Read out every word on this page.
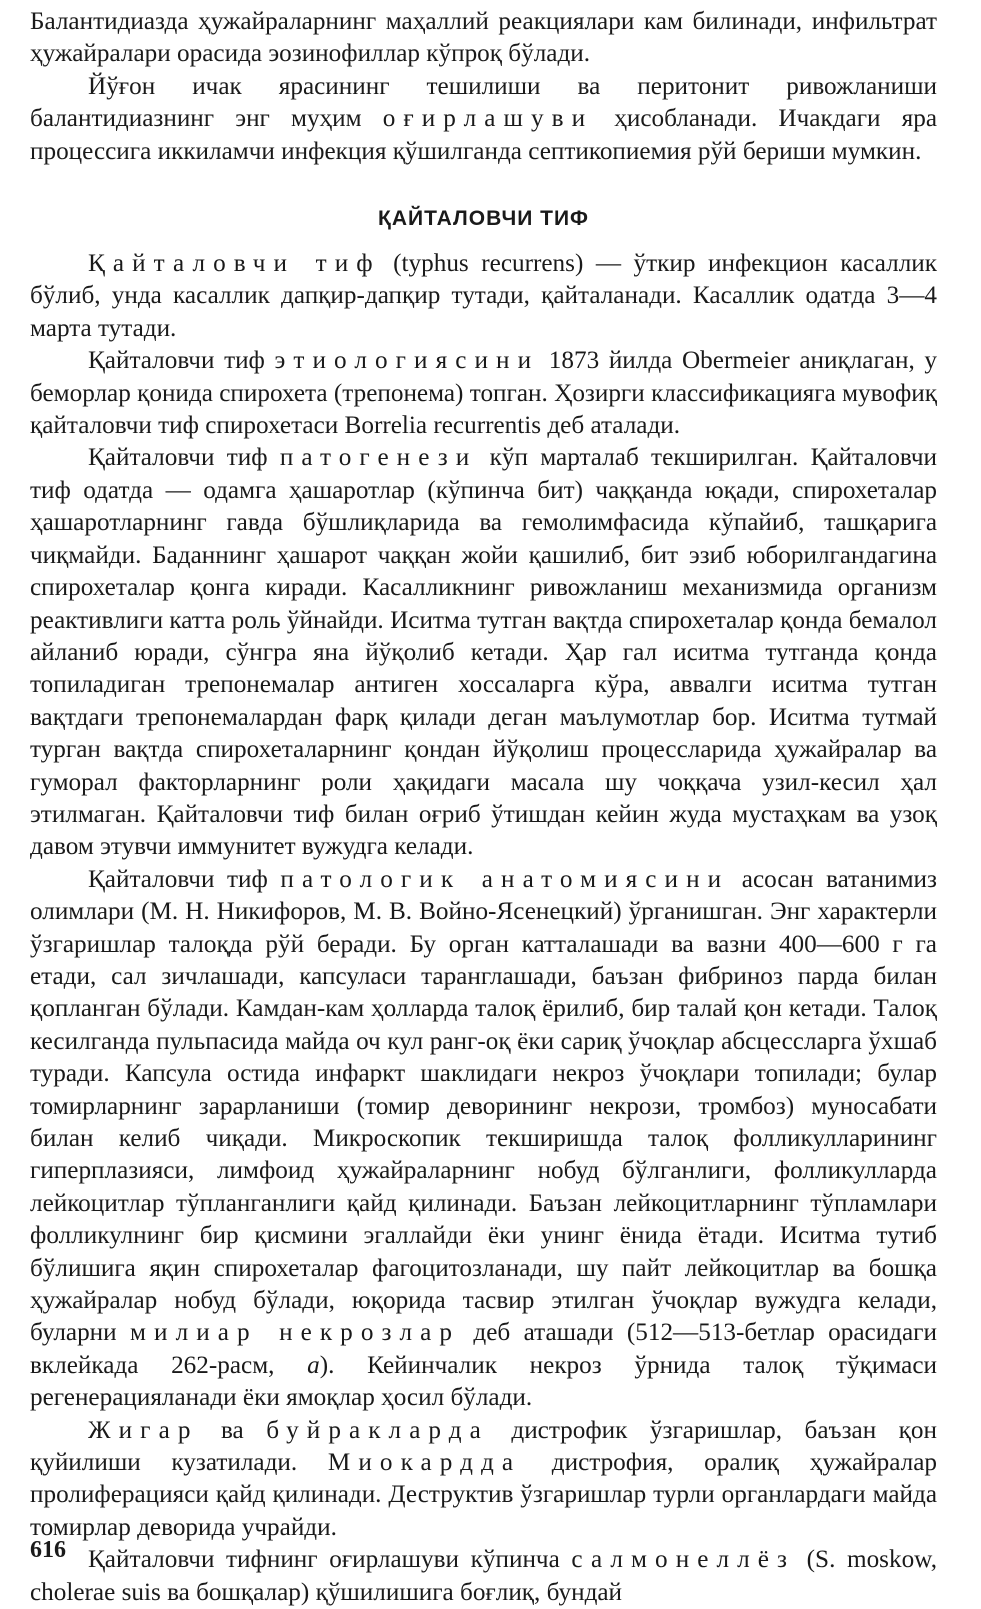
Балантидиазда ҳужайраларнинг маҳаллий реакциялари кам билинади, инфильтрат ҳужайралари орасида эозинофиллар кўпроқ бўлади.

Йўғон ичак ярасининг тешилиши ва перитонит ривожланиши балантидиазнинг энг муҳим оғирлашуви ҳисобланади. Ичакдаги яра процессига иккиламчи инфекция қўшилганда септикопиемия рўй бериши мумкин.

ҚАЙТАЛОВЧИ ТИФ

Қайталовчи тиф (typhus recurrens) — ўткир инфекцион касаллик бўлиб, унда касаллик дапқир-дапқир тутади, қайталанади. Касаллик одатда 3—4 марта тутади.

Қайталовчи тиф этиологиясини 1873 йилда Obermeier аниқлаган, у беморлар қонида спирохета (трепонема) топган. Ҳозирги классификацияга мувофиқ қайталовчи тиф спирохетаси Borrelia recurrentis деб аталади.

Қайталовчи тиф патогенези кўп марталаб текширилган. Қайталовчи тиф одатда — одамга ҳашаротлар (кўпинча бит) чаққанда юқади, спирохеталар ҳашаротларнинг гавда бўшлиқларида ва гемолимфасида кўпайиб, ташқарига чиқмайди. Баданнинг ҳашарот чаққан жойи қашилиб, бит эзиб юборилгандагина спирохеталар қонга киради. Касалликнинг ривожланиш механизмида организм реактивлиги катта роль ўйнайди. Иситма тутган вақтда спирохеталар қонда бемалол айланиб юради, сўнгра яна йўқолиб кетади. Ҳар гал иситма тутганда қонда топиладиган трепонемалар антиген хоссаларга кўра, аввалги иситма тутган вақтдаги трепонемалардан фарқ қилади деган маълумотлар бор. Иситма тутмай турган вақтда спирохеталарнинг қондан йўқолиш процессларида ҳужайралар ва гуморал факторларнинг роли ҳақидаги масала шу чоққача узил-кесил ҳал этилмаган. Қайталовчи тиф билан оғриб ўтишдан кейин жуда мустаҳкам ва узоқ давом этувчи иммунитет вужудга келади.

Қайталовчи тиф патологик анатомиясини асосан ватанимиз олимлари (М. Н. Никифоров, М. В. Войно-Ясенецкий) ўрганишган. Энг характерли ўзгаришлар талоқда рўй беради. Бу орган катталашади ва вазни 400—600 г га етади, сал зичлашади, капсуласи таранглашади, баъзан фибриноз парда билан қопланган бўлади. Камдан-кам ҳолларда талоқ ёрилиб, бир талай қон кетади. Талоқ кесилганда пульпасида майда оч кул ранг-оқ ёки сариқ ўчоқлар абсцессларга ўхшаб туради. Капсула остида инфаркт шаклидаги некроз ўчоқлари топилади; булар томирларнинг зарарланиши (томир деворининг некрози, тромбоз) муносабати билан келиб чиқади. Микроскопик текширишда талоқ фолликулларининг гиперплазияси, лимфоид ҳужайраларнинг нобуд бўлганлиги, фолликулларда лейкоцитлар тўпланганлиги қайд қилинади. Баъзан лейкоцитларнинг тўпламлари фолликулнинг бир қисмини эгаллайди ёки унинг ёнида ётади. Иситма тутиб бўлишига яқин спирохеталар фагоцитозланади, шу пайт лейкоцитлар ва бошқа ҳужайралар нобуд бўлади, юқорида тасвир этилган ўчоқлар вужудга келади, буларни милиар некрозлар деб аташади (512—513-бетлар орасидаги вклейкада 262-расм, а). Кейинчалик некроз ўрнида талоқ тўқимаси регенерацияланади ёки ямоқлар ҳосил бўлади.

Жигар ва буйракларда дистрофик ўзгаришлар, баъзан қон қуйилиши кузатилади. Миокардда дистрофия, оралиқ ҳужайралар пролиферацияси қайд қилинади. Деструктив ўзгаришлар турли органлардаги майда томирлар деворида учрайди.

Қайталовчи тифнинг оғирлашуви кўпинча салмонеллёз (S. moskow, cholerae suis ва бошқалар) қўшилишига боғлиқ, бундай

616
